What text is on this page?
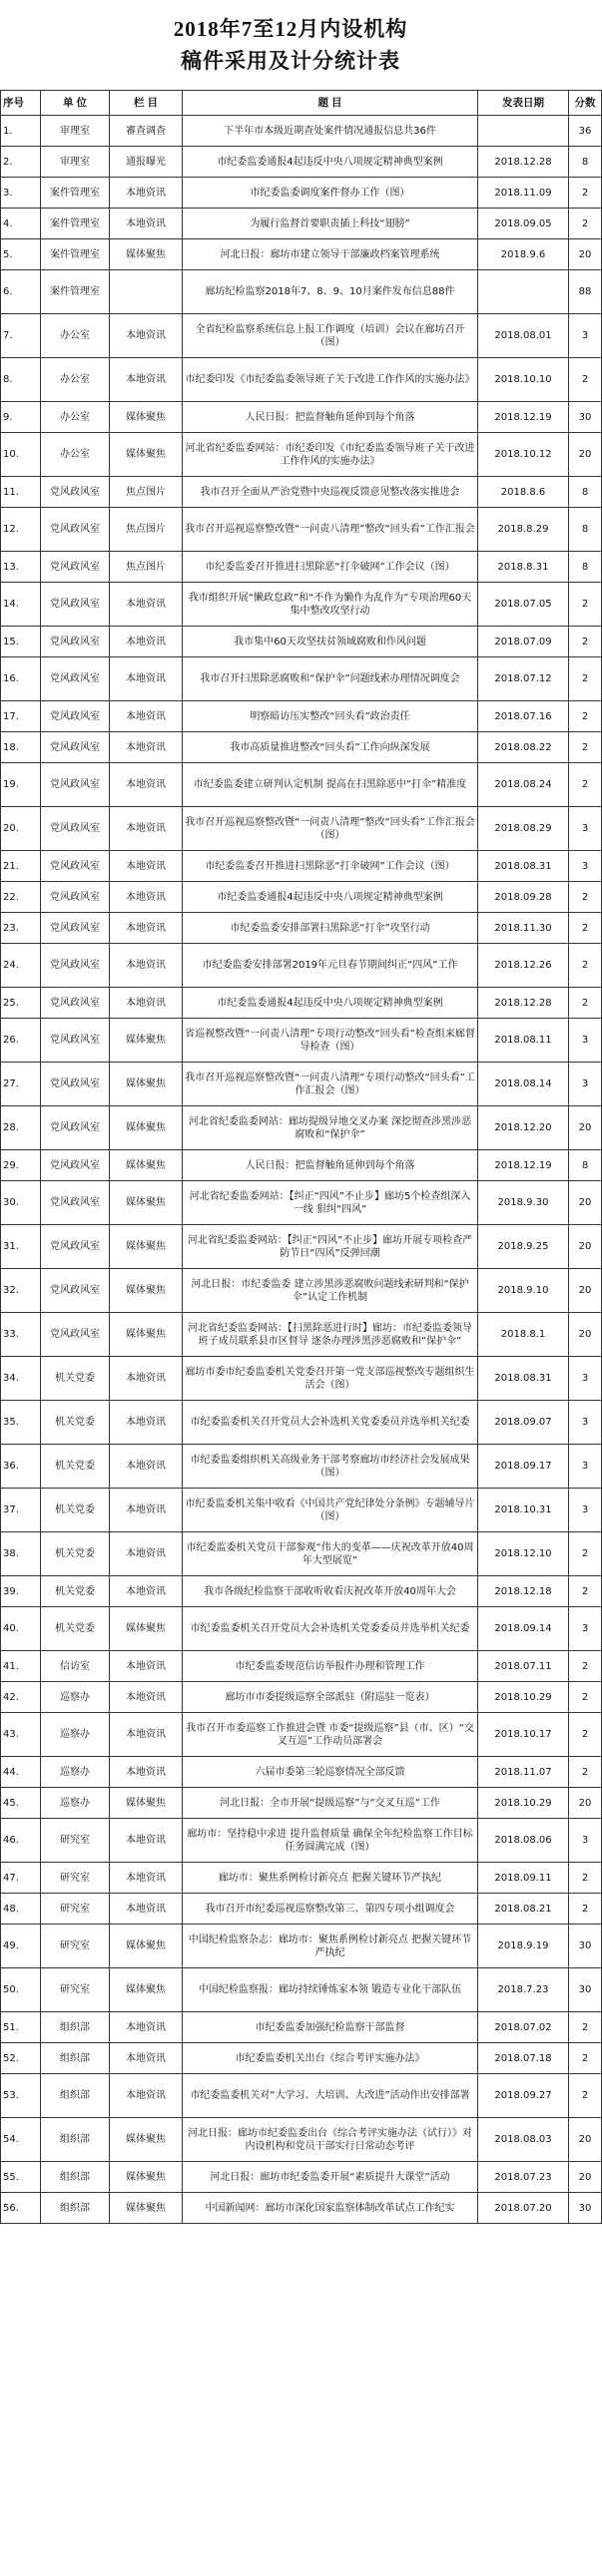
2018年7至12月内设机构
稿件采用及计分统计表
序号	单 位	栏 目	题 目	发表日期	分数
1.	审理室	審查调查	下半年市本级近期查处案件情况通报信息共36件		36
2.	审理室	通报曝光	市纪委监委通报4起违反中央八项规定精神典型案例	2018.12.28	8
3.	案件管理室	本地资讯	市纪委监委调度案件督办工作（图）	2018.11.09	2
4.	案件管理室	本地资讯	为履行监督首要职责插上科技“翅膀”	2018.09.05	2
5.	案件管理室	媒体聚焦	河北日报：廊坊市建立领导干部廉政档案管理系统	2018.9.6	20
6.	案件管理室		廊坊纪检监察2018年7、8、9、10月案件发布信息88件		88
7.	办公室	本地资讯	全省纪检监察系统信息上报工作调度（培训）会议在廊坊召开（图）	2018.08.01	3
8.	办公室	本地资讯	市纪委印发《市纪委监委领导班子关于改进工作作风的实施办法》	2018.10.10	2
9.	办公室	媒体聚焦	人民日报：把监督触角延伸到每个角落	2018.12.19	30
10.	办公室	媒体聚焦	河北省纪委监委网站：市纪委印发《市纪委监委领导班子关于改进工作作风的实施办法》	2018.10.12	20
11.	党风政风室	焦点图片	我市召开全面从严治党暨中央巡视反馈意见整改落实推进会	2018.8.6	8
12.	党风政风室	焦点图片	我市召开巡视巡察整改暨“一问责八清理”整改“回头看”工作汇报会	2018.8.29	8
13.	党风政风室	焦点图片	市纪委监委召开推进扫黑除恶“打伞破网”工作会议（图）	2018.8.31	8
14.	党风政风室	本地资讯	我市组织开展“懒政怠政”和“不作为懒作为乱作为”专项治理60天集中整改攻坚行动	2018.07.05	2
15.	党风政风室	本地资讯	我市集中60天攻坚扶贫领域腐败和作风问题	2018.07.09	2
16.	党风政风室	本地资讯	我市召开扫黑除恶腐败和“保护伞”问题线索办理情况调度会	2018.07.12	2
17.	党风政风室	本地资讯	明察暗访压实整改“回头看”政治责任	2018.07.16	2
18.	党风政风室	本地资讯	我市高质量推进整改“回头看”工作向纵深发展	2018.08.22	2
19.	党风政风室	本地资讯	市纪委监委建立研判认定机制 提高在扫黑除恶中“打伞”精准度	2018.08.24	2
20.	党风政风室	本地资讯	我市召开巡视巡察整改暨“一问责八清理”整改“回头看”工作汇报会（图）	2018.08.29	3
21.	党风政风室	本地资讯	市纪委监委召开推进扫黑除恶“打伞破网”工作会议（图）	2018.08.31	3
22.	党风政风室	本地资讯	市纪委监委通报4起违反中央八项规定精神典型案例	2018.09.28	2
23.	党风政风室	本地资讯	市纪委监委安排部署扫黑除恶“打伞”攻坚行动	2018.11.30	2
24.	党风政风室	本地资讯	市纪委监委安排部署2019年元旦春节期间纠正“四风”工作	2018.12.26	2
25.	党风政风室	本地资讯	市纪委监委通报4起违反中央八项规定精神典型案例	2018.12.28	2
26.	党风政风室	媒体聚焦	省巡视整改暨“一问责八清理”专项行动整改“回头看”检查组来廊督导检查（图）	2018.08.11	3
27.	党风政风室	媒体聚焦	我市召开巡视巡察整改暨“一问责八清理”专项行动整改“回头看”工作汇报会（图）	2018.08.14	3
28.	党风政风室	媒体聚焦	河北省纪委监委网站：廊坊提级异地交叉办案 深挖彻查涉黑涉恶腐败和“保护伞”	2018.12.20	20
29.	党风政风室	媒体聚焦	人民日报：把监督触角延伸到每个角落	2018.12.19	8
30.	党风政风室	媒体聚焦	河北省纪委监委网站：【纠正“四风”不止步】廊坊5个检查组深入一线 狠纠“四风”	2018.9.30	20
31.	党风政风室	媒体聚焦	河北省纪委监委网站：【纠正“四风”不止步】廊坊开展专项检查严防节日“四风”反弹回潮	2018.9.25	20
32.	党风政风室	媒体聚焦	河北日报：市纪委监委 建立涉黑涉恶腐败问题线索研判和“保护伞”认定工作机制	2018.9.10	20
33.	党风政风室	媒体聚焦	河北省纪委监委网站：【扫黑除恶进行时】廊坊：市纪委监委领导班子成员联系县市区督导 逐条办理涉黑涉恶腐败和“保护伞”	2018.8.1	20
34.	机关党委	本地资讯	廊坊市委市纪委监委机关党委召开第一党支部巡视整改专题组织生活会（图）	2018.08.31	3
35.	机关党委	本地资讯	市纪委监委机关召开党员大会补选机关党委委员并选举机关纪委	2018.09.07	3
36.	机关党委	本地资讯	市纪委监委组织机关高级业务干部考察廊坊市经济社会发展成果（图）	2018.09.17	3
37.	机关党委	本地资讯	市纪委监委机关集中收看《中国共产党纪律处分条例》专题辅导片（图）	2018.10.31	3
38.	机关党委	本地资讯	市纪委监委机关党员干部参观“伟大的变革——庆祝改革开放40周年大型展览”	2018.12.10	2
39.	机关党委	本地资讯	我市各级纪检监察干部收听收看庆祝改革开放40周年大会	2018.12.18	2
40.	机关党委	媒体聚焦	市纪委监委机关召开党员大会补选机关党委委员并选举机关纪委	2018.09.14	3
41.	信访室	本地资讯	市纪委监委规范信访举报件办理和管理工作	2018.07.11	2
42.	巡察办	本地资讯	廊坊市市委提级巡察全部派驻（附巡驻一览表）	2018.10.29	2
43.	巡察办	本地资讯	我市召开市委巡察工作推进会暨 市委“提级巡察”县（市、区）“交叉互巡”工作动员部署会	2018.10.17	2
44.	巡察办	本地资讯	六届市委第三轮巡察情况全部反馈	2018.11.07	2
45.	巡察办	媒体聚焦	河北日报：全市开展“提级巡察”与“交叉互巡”工作	2018.10.29	20
46.	研究室	本地资讯	廊坊市：坚持稳中求进 提升监督质量 确保全年纪检监察工作目标任务圆满完成（图）	2018.08.06	3
47.	研究室	本地资讯	廊坊市：聚焦系例检讨新亮点 把握关键环节严执纪	2018.09.11	2
48.	研究室	本地资讯	我市召开市纪委巡视巡察整改第三、第四专项小组调度会	2018.08.21	2
49.	研究室	媒体聚焦	中国纪检监察杂志：廊坊市：聚焦系例检讨新亮点 把握关键环节严执纪	2018.9.19	30
50.	研究室	媒体聚焦	中国纪检监察报：廊坊持续锤炼家本领 锻造专业化干部队伍	2018.7.23	30
51.	组织部	本地资讯	市纪委监委加强纪检监察干部监督	2018.07.02	2
52.	组织部	本地资讯	市纪委监委机关出台《综合考评实施办法》	2018.07.18	2
53.	组织部	本地资讯	市纪委监委机关对“大学习、大培训、大改进”活动作出安排部署	2018.09.27	2
54.	组织部	媒体聚焦	河北日报：廊坊市纪委监委出台《综合考评实施办法（试行）》对内设机构和党员干部实行日常动态考评	2018.08.03	20
55.	组织部	媒体聚焦	河北日报：廊坊市纪委监委开展“素质提升大课堂”活动	2018.07.23	20
56.	组织部	媒体聚焦	中国新闻网：廊坊市深化国家监察体制改革试点工作纪实	2018.07.20	30
